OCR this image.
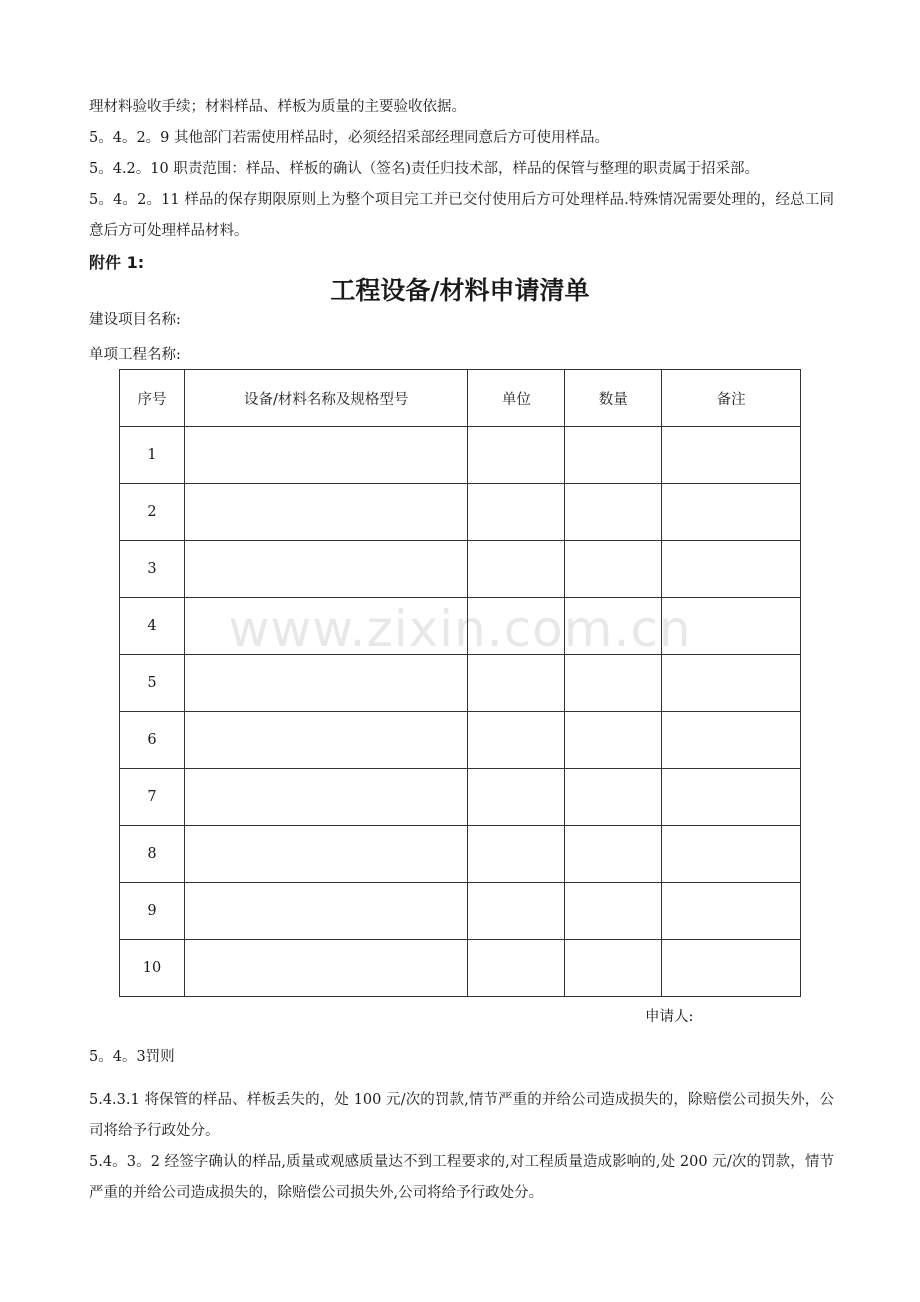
理材料验收手续；材料样品、样板为质量的主要验收依据。

5。4。2。9 其他部门若需使用样品时，必须经招采部经理同意后方可使用样品。

5。4.2。10 职责范围：样品、样板的确认（签名)责任归技术部，样品的保管与整理的职责属于招采部。

5。4。2。11 样品的保存期限原则上为整个项目完工并已交付使用后方可处理样品.特殊情况需要处理的，经总工同意后方可处理样品材料。

附件 1:
工程设备/材料申请清单
建设项目名称:
单项工程名称:
序号	设备/材料名称及规格型号	单位	数量	备注
1				
2				
3				
4				
5				
6				
7				
8				
9				
10				
www.zixin.com.cn
申请人:

5。4。3罚则

5.4.3.1 将保管的样品、样板丢失的，处 100 元/次的罚款,情节严重的并给公司造成损失的，除赔偿公司损失外，公司将给予行政处分。

5.4。3。2 经签字确认的样品,质量或观感质量达不到工程要求的,对工程质量造成影响的,处 200 元/次的罚款，情节严重的并给公司造成损失的，除赔偿公司损失外,公司将给予行政处分。
